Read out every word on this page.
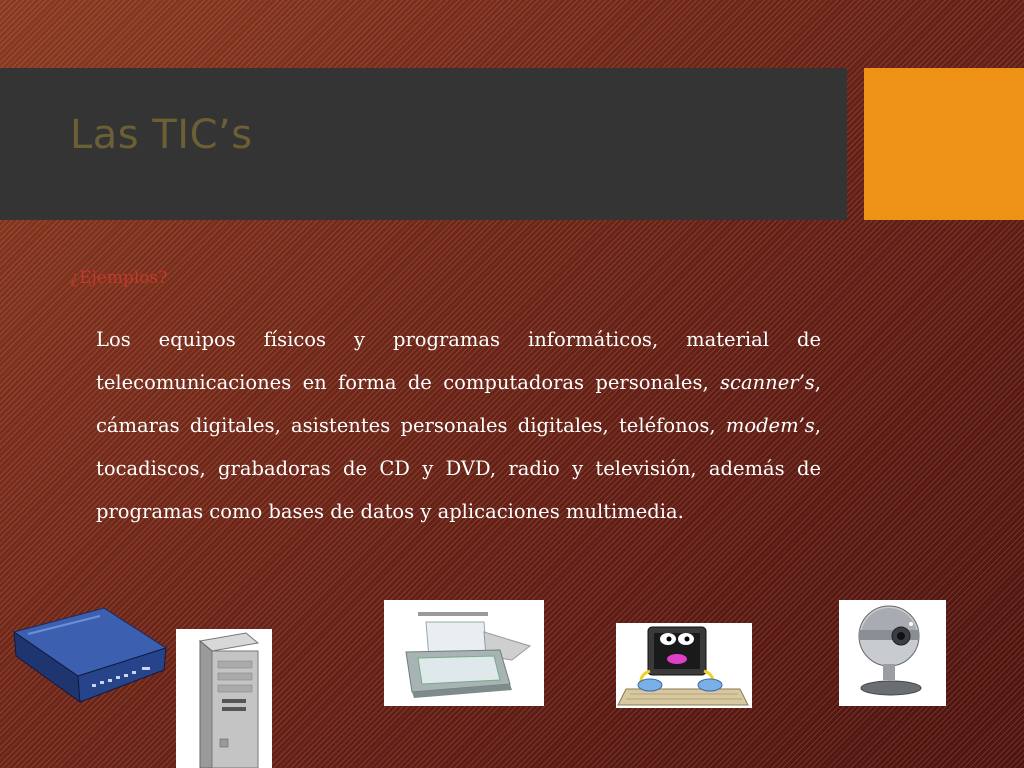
Las TIC’s

¿Ejemplos?

Los equipos físicos y programas informáticos, material de telecomunicaciones en forma de computadoras personales, scanner’s, cámaras digitales, asistentes personales digitales, teléfonos, modem’s, tocadiscos, grabadoras de CD y DVD, radio y televisión, además de programas como bases de datos y aplicaciones multimedia.
